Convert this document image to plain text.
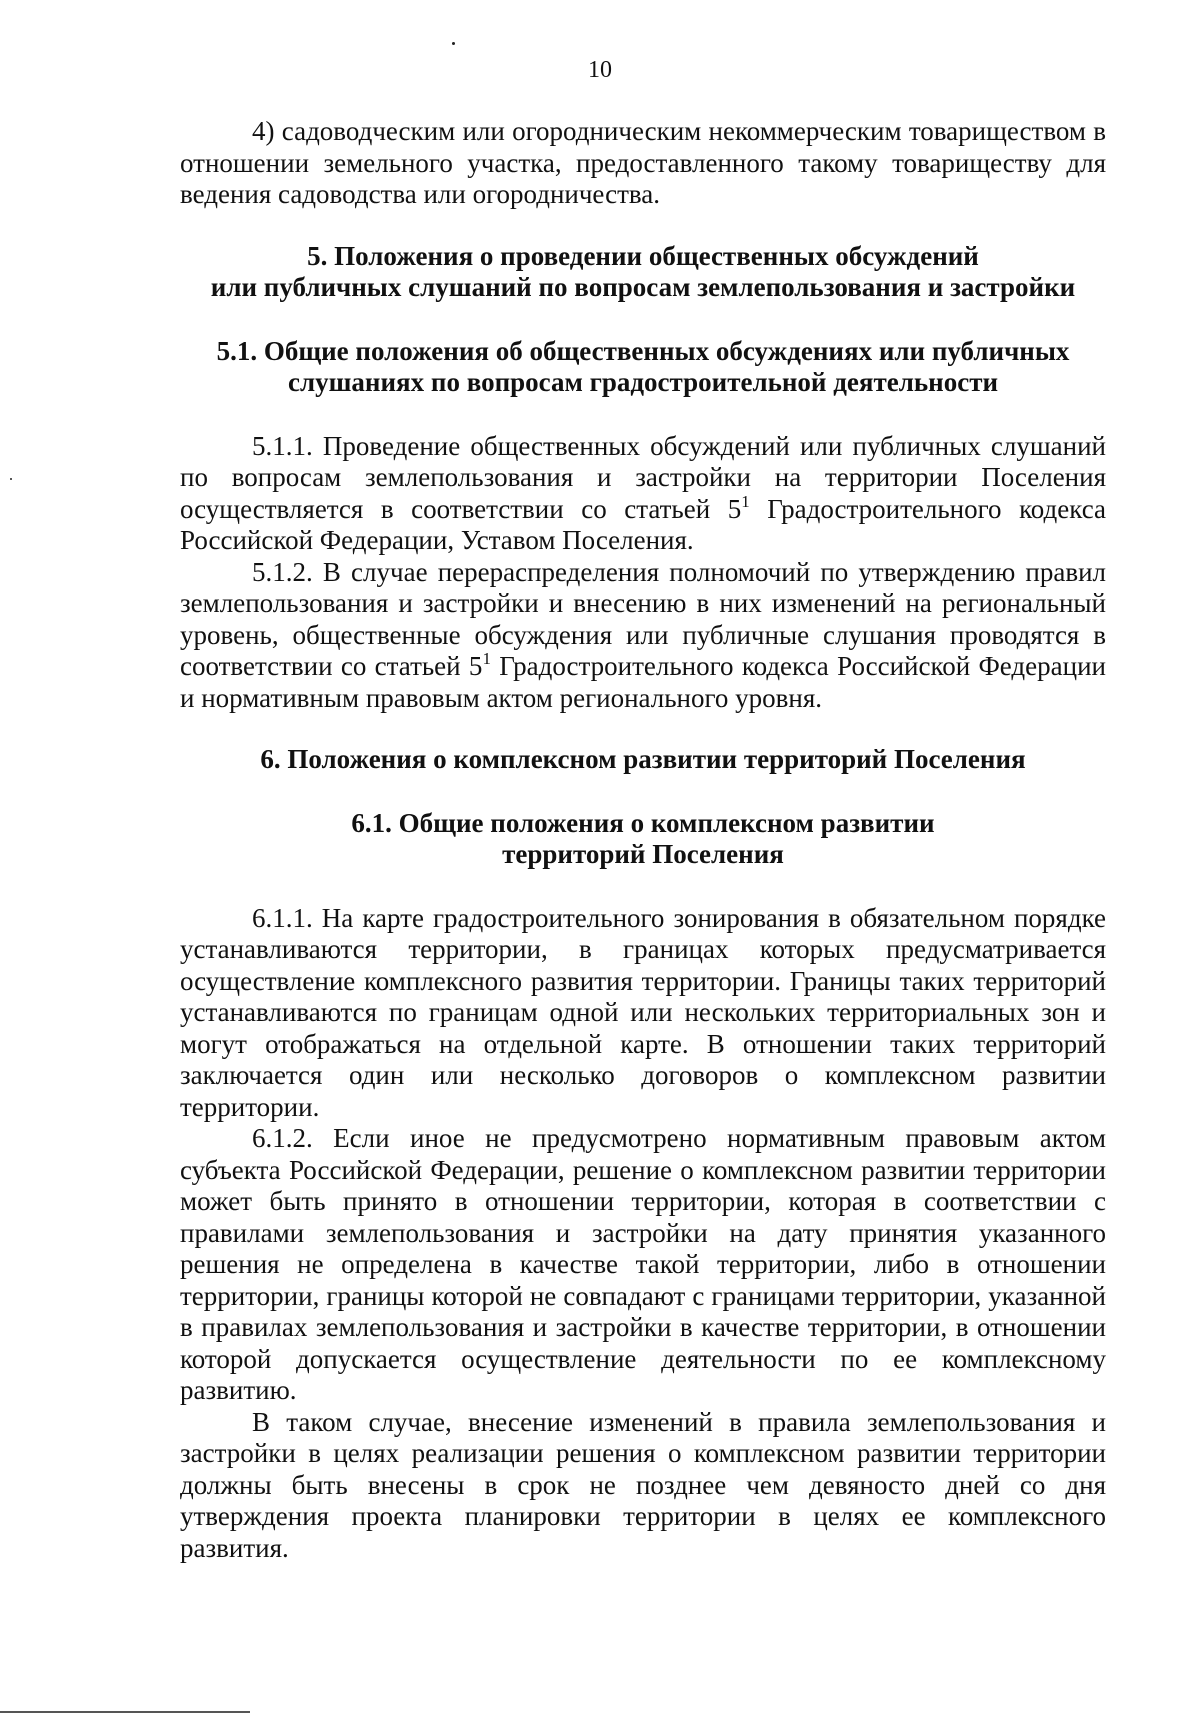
10

4) садоводческим или огородническим некоммерческим товариществом в отношении земельного участка, предоставленного такому товариществу для ведения садоводства или огородничества.

5. Положения о проведении общественных обсуждений
или публичных слушаний по вопросам землепользования и застройки
5.1. Общие положения об общественных обсуждениях или публичных
слушаниях по вопросам градостроительной деятельности

5.1.1. Проведение общественных обсуждений или публичных слушаний по вопросам землепользования и застройки на территории Поселения осуществляется в соответствии со статьей $5^1$ Градостроительного кодекса Российской Федерации, Уставом Поселения.

5.1.2. В случае перераспределения полномочий по утверждению правил землепользования и застройки и внесению в них изменений на региональный уровень, общественные обсуждения или публичные слушания проводятся в соответствии со статьей $5^1$ Градостроительного кодекса Российской Федерации и нормативным правовым актом регионального уровня.

6. Положения о комплексном развитии территорий Поселения
6.1. Общие положения о комплексном развитии
территорий Поселения

6.1.1. На карте градостроительного зонирования в обязательном порядке устанавливаются территории, в границах которых предусматривается осуществление комплексного развития территории. Границы таких территорий устанавливаются по границам одной или нескольких территориальных зон и могут отображаться на отдельной карте. В отношении таких территорий заключается один или несколько договоров о комплексном развитии территории.

6.1.2. Если иное не предусмотрено нормативным правовым актом субъекта Российской Федерации, решение о комплексном развитии территории может быть принято в отношении территории, которая в соответствии с правилами землепользования и застройки на дату принятия указанного решения не определена в качестве такой территории, либо в отношении территории, границы которой не совпадают с границами территории, указанной в правилах землепользования и застройки в качестве территории, в отношении которой допускается осуществление деятельности по ее комплексному развитию.

В таком случае, внесение изменений в правила землепользования и застройки в целях реализации решения о комплексном развитии территории должны быть внесены в срок не позднее чем девяносто дней со дня утверждения проекта планировки территории в целях ее комплексного развития.
